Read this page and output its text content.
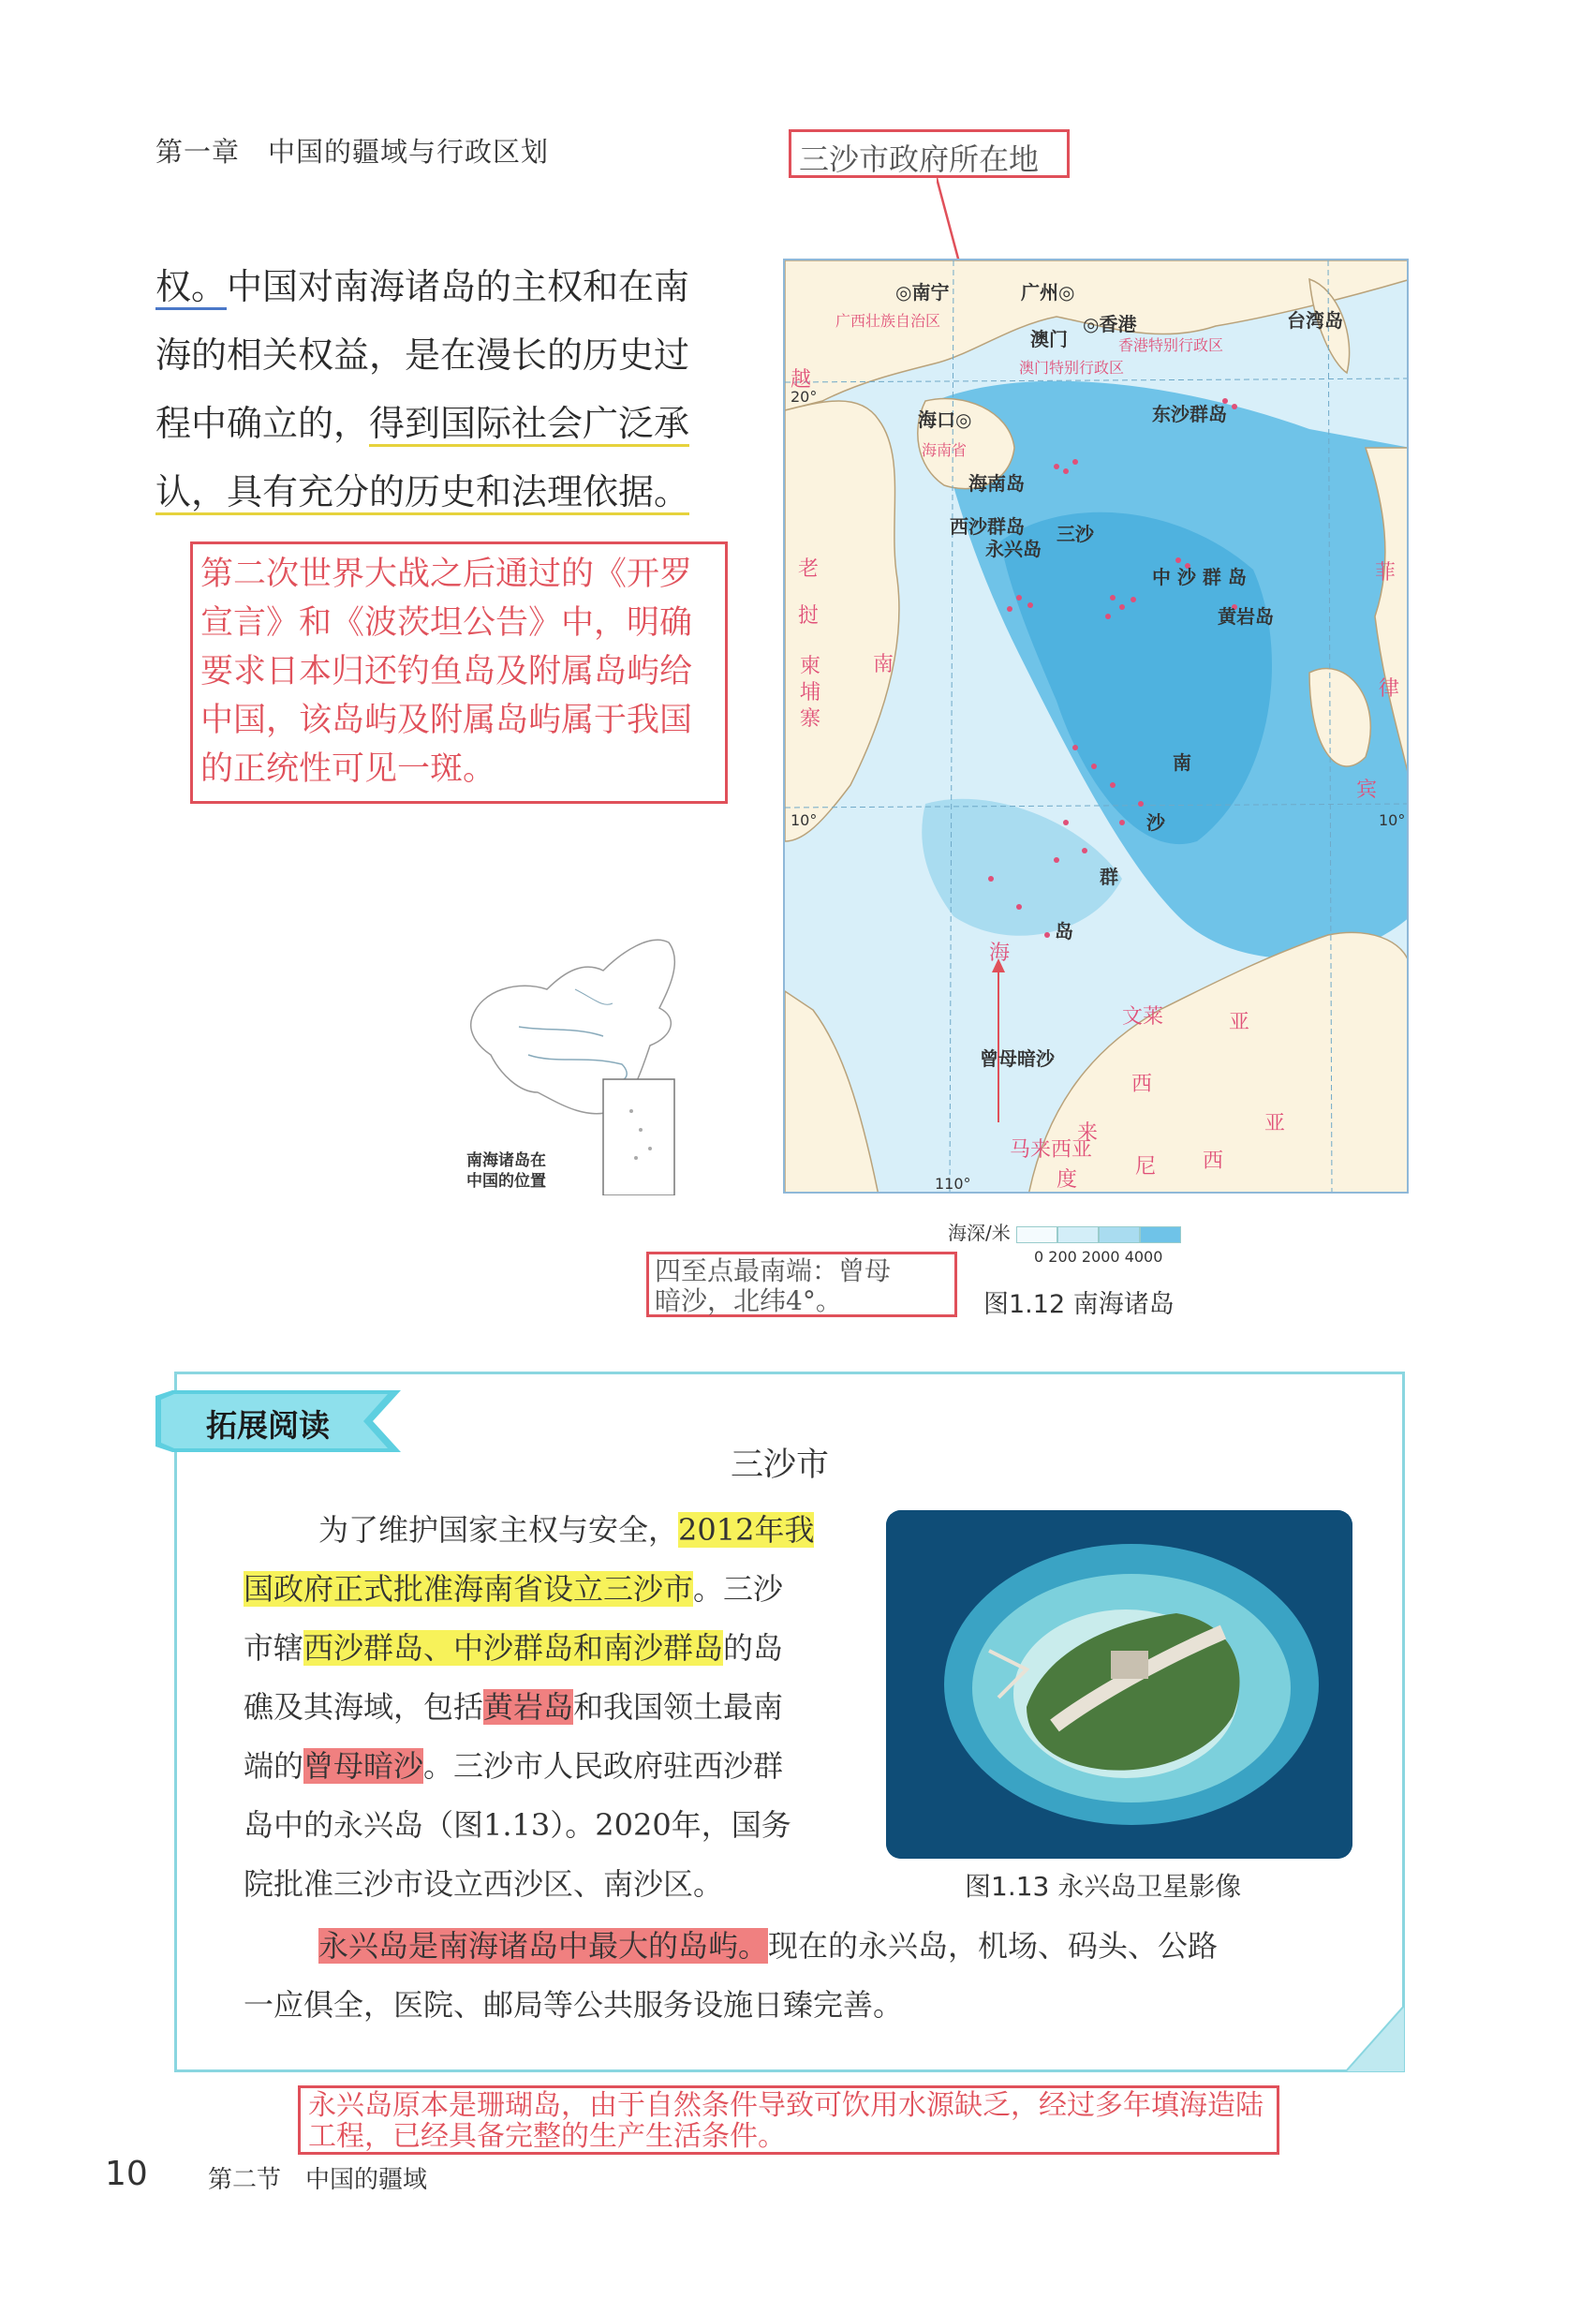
第一章　中国的疆域与行政区划	三沙市政府所在地
权。中国对南海诸岛的主权和在南
海的相关权益，是在漫长的历史过
程中确立的，得到国际社会广泛承
认，具有充分的历史和法理依据。
第二次世界大战之后通过的《开罗宣言》和《波茨坦公告》中，明确要求日本归还钓鱼岛及附属岛屿给中国，该岛屿及附属岛屿属于我国的正统性可见一斑。
◎南宁	广州◎
澳门
◎香港	台湾岛
广西壮族自治区
香港特别行政区
澳门特别行政区
海口◎
海南省
东沙群岛
海南岛
西沙群岛 三沙
永兴岛
中 沙 群 岛
黄岩岛
南
沙
群
岛
曾母暗沙
越
老
挝
柬埔寨
南
海
菲
律
宾
文莱	亚
西
来	亚
马来西亚	西
度
尼
20°
10°	10°
110°
海深/米
0 200 2000 4000
四至点最南端：曾母
暗沙，北纬4°。	图1.12 南海诸岛
南海诸岛在
中国的位置
拓展阅读
三沙市
为了维护国家主权与安全，2012年我
国政府正式批准海南省设立三沙市。三沙
市辖西沙群岛、中沙群岛和南沙群岛的岛
礁及其海域，包括黄岩岛和我国领土最南
端的曾母暗沙。三沙市人民政府驻西沙群
岛中的永兴岛（图1.13）。2020年，国务
院批准三沙市设立西沙区、南沙区。	图1.13 永兴岛卫星影像
永兴岛是南海诸岛中最大的岛屿。现在的永兴岛，机场、码头、公路
一应俱全，医院、邮局等公共服务设施日臻完善。
永兴岛原本是珊瑚岛，由于自然条件导致可饮用水源缺乏，经过多年填海造陆工程，已经具备完整的生产生活条件。
10 第二节　中国的疆域
